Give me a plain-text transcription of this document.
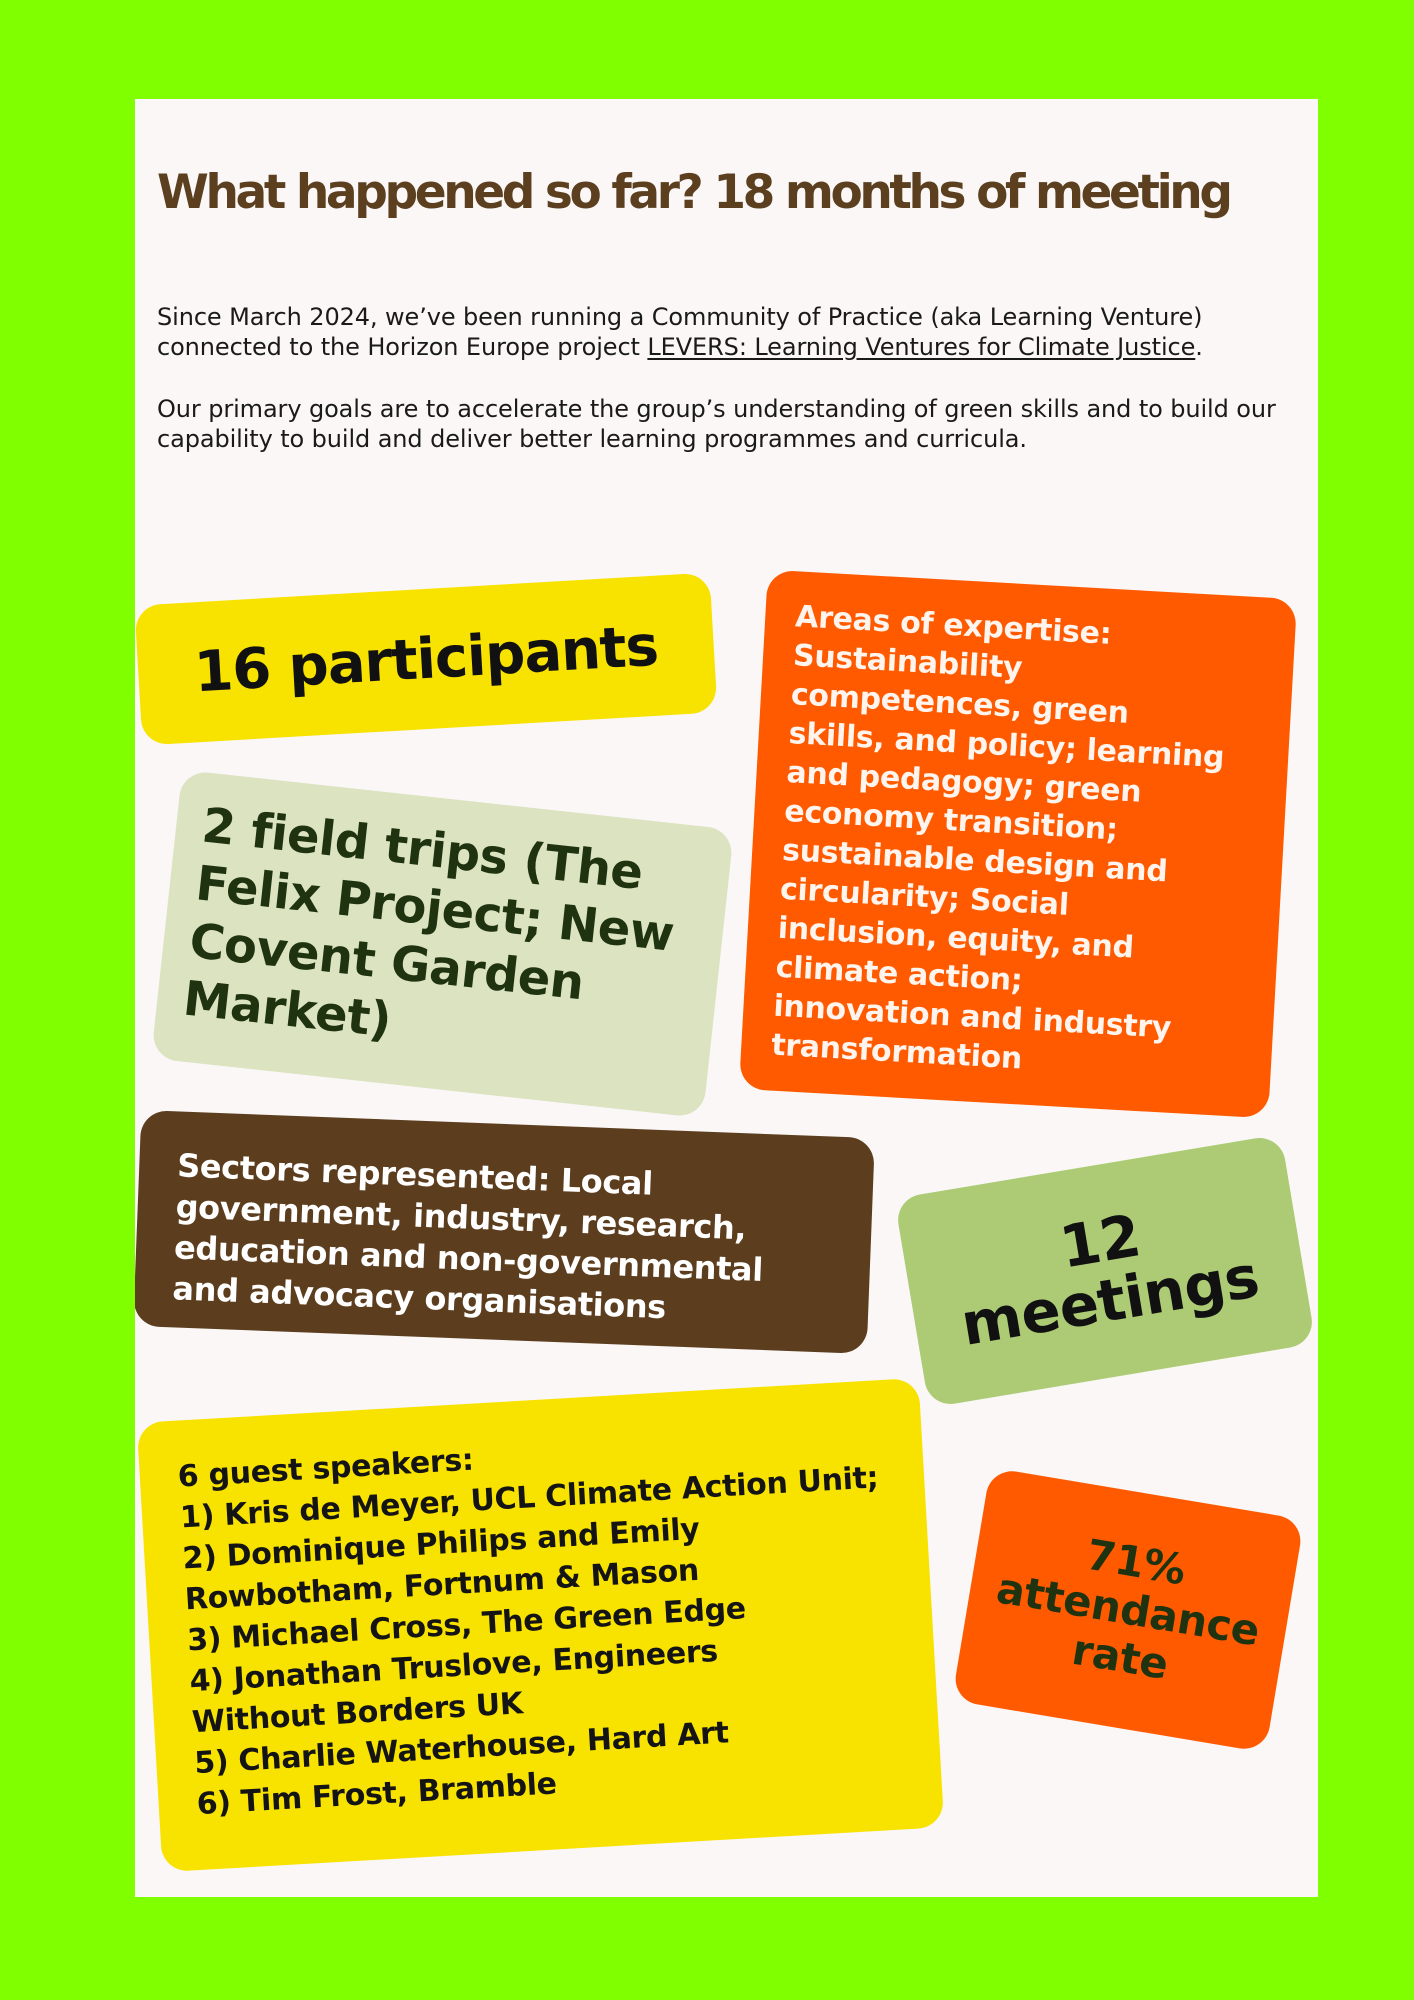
What happened so far? 18 months of meeting

Since March 2024, we’ve been running a Community of Practice (aka Learning Venture) connected to the Horizon Europe project LEVERS: Learning Ventures for Climate Justice.

Our primary goals are to accelerate the group’s understanding of green skills and to build our capability to build and deliver better learning programmes and curricula.

16 participants
2 field trips (The
Felix Project; New
Covent Garden
Market)
Areas of expertise:
Sustainability
competences, green
skills, and policy; learning
and pedagogy; green
economy transition;
sustainable design and
circularity; Social
inclusion, equity, and
climate action;
innovation and industry
transformation
Sectors represented: Local
government, industry, research,
education and non-governmental
and advocacy organisations
12
meetings
6 guest speakers:
1) Kris de Meyer, UCL Climate Action Unit;
2) Dominique Philips and Emily
Rowbotham, Fortnum & Mason
3) Michael Cross, The Green Edge
4) Jonathan Truslove, Engineers
Without Borders UK
5) Charlie Waterhouse, Hard Art
6) Tim Frost, Bramble
71%
attendance
rate
